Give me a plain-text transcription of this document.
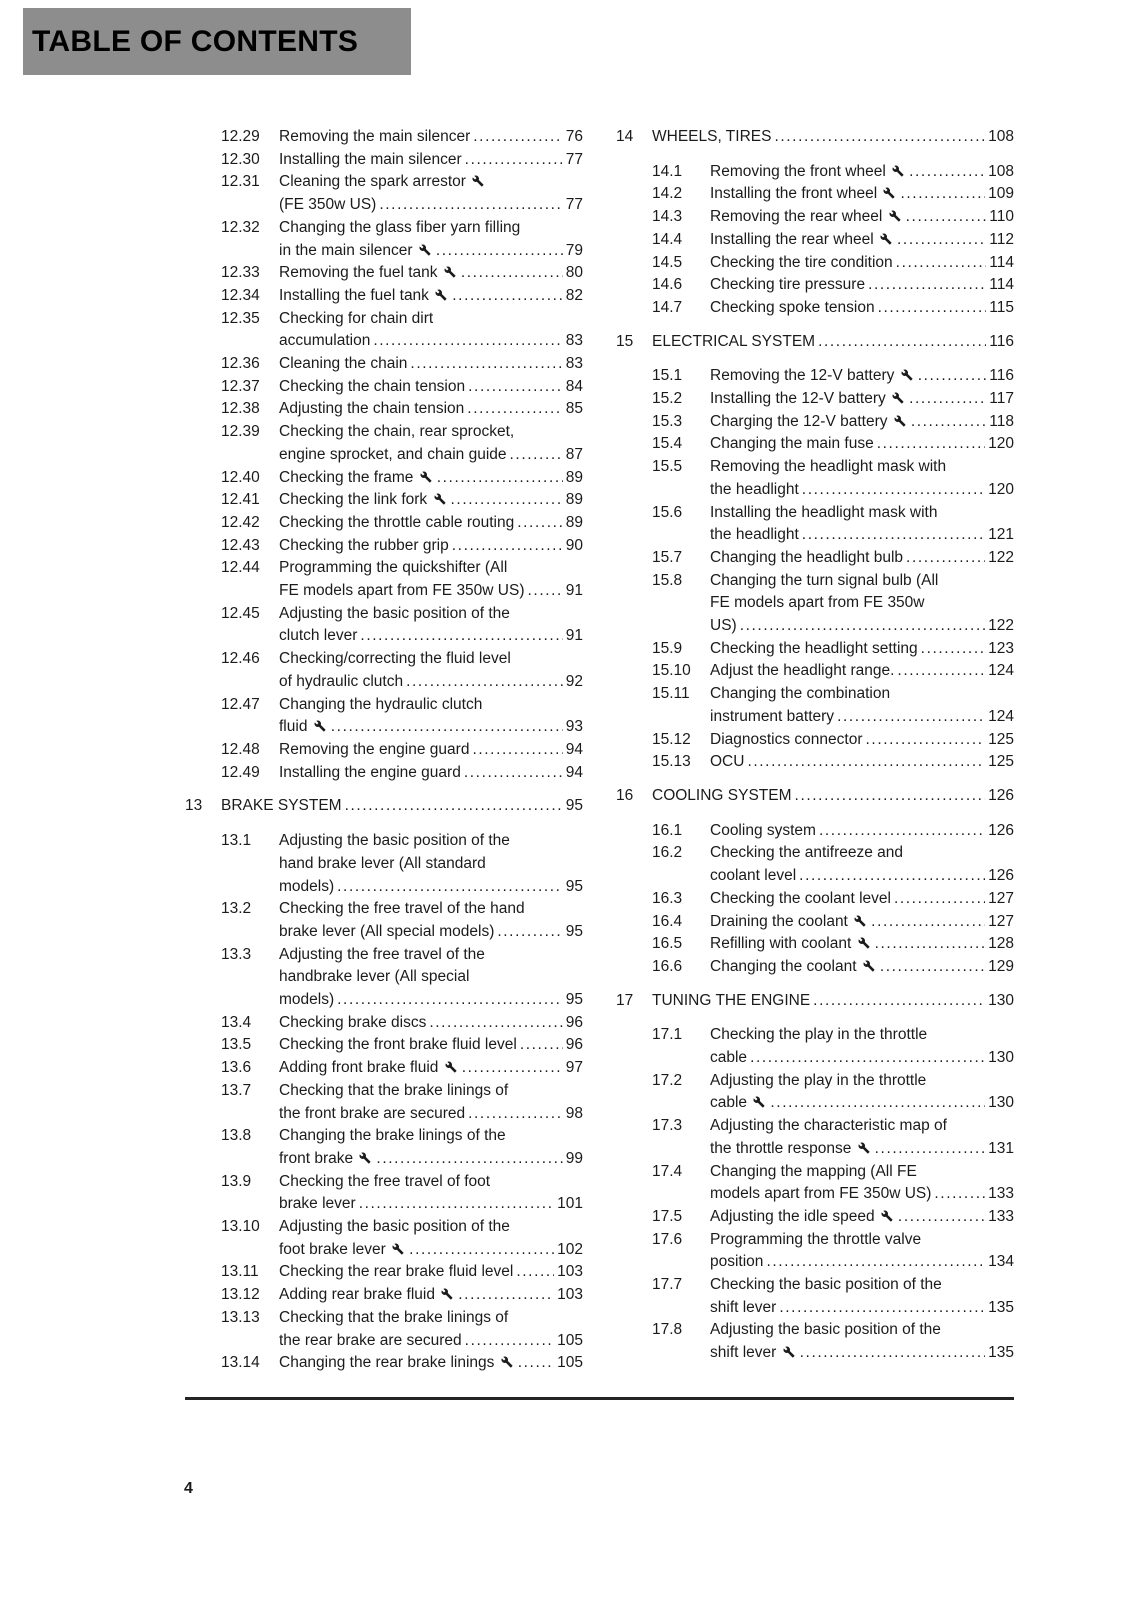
TABLE OF CONTENTS
12.29	Removing the main silencer .....	76
12.30	Installing the main silencer .....	77
12.31	Cleaning the spark arrestor
(FE 350w US) .....	77
12.32	Changing the glass fiber yarn filling
in the main silencer .....	79
12.33	Removing the fuel tank .....	80
12.34	Installing the fuel tank .....	82
12.35	Checking for chain dirt
accumulation .....	83
12.36	Cleaning the chain .....	83
12.37	Checking the chain tension .....	84
12.38	Adjusting the chain tension .....	85
12.39	Checking the chain, rear sprocket,
engine sprocket, and chain guide .....	87
12.40	Checking the frame .....	89
12.41	Checking the link fork .....	89
12.42	Checking the throttle cable routing .....	89
12.43	Checking the rubber grip .....	90
12.44	Programming the quickshifter (All
FE models apart from FE 350w US) .....	91
12.45	Adjusting the basic position of the
clutch lever .....	91
12.46	Checking/correcting the fluid level
of hydraulic clutch .....	92
12.47	Changing the hydraulic clutch
fluid .....	93
12.48	Removing the engine guard .....	94
12.49	Installing the engine guard .....	94
13	BRAKE SYSTEM .....	95
13.1	Adjusting the basic position of the
hand brake lever (All standard
models) .....	95
13.2	Checking the free travel of the hand
brake lever (All special models) .....	95
13.3	Adjusting the free travel of the
handbrake lever (All special
models) .....	95
13.4	Checking brake discs .....	96
13.5	Checking the front brake fluid level .....	96
13.6	Adding front brake fluid .....	97
13.7	Checking that the brake linings of
the front brake are secured .....	98
13.8	Changing the brake linings of the
front brake .....	99
13.9	Checking the free travel of foot
brake lever .....	101
13.10	Adjusting the basic position of the
foot brake lever .....	102
13.11	Checking the rear brake fluid level .....	103
13.12	Adding rear brake fluid .....	103
13.13	Checking that the brake linings of
the rear brake are secured .....	105
13.14	Changing the rear brake linings .....	105
14	WHEELS, TIRES .....	108
14.1	Removing the front wheel .....	108
14.2	Installing the front wheel .....	109
14.3	Removing the rear wheel .....	110
14.4	Installing the rear wheel .....	112
14.5	Checking the tire condition .....	114
14.6	Checking tire pressure .....	114
14.7	Checking spoke tension .....	115
15	ELECTRICAL SYSTEM .....	116
15.1	Removing the 12-V battery .....	116
15.2	Installing the 12-V battery .....	117
15.3	Charging the 12-V battery .....	118
15.4	Changing the main fuse .....	120
15.5	Removing the headlight mask with
the headlight .....	120
15.6	Installing the headlight mask with
the headlight .....	121
15.7	Changing the headlight bulb .....	122
15.8	Changing the turn signal bulb (All
FE models apart from FE 350w
US) .....	122
15.9	Checking the headlight setting .....	123
15.10	Adjust the headlight range. .....	124
15.11	Changing the combination
instrument battery .....	124
15.12	Diagnostics connector .....	125
15.13	OCU .....	125
16	COOLING SYSTEM .....	126
16.1	Cooling system .....	126
16.2	Checking the antifreeze and
coolant level .....	126
16.3	Checking the coolant level .....	127
16.4	Draining the coolant .....	127
16.5	Refilling with coolant .....	128
16.6	Changing the coolant .....	129
17	TUNING THE ENGINE .....	130
17.1	Checking the play in the throttle
cable .....	130
17.2	Adjusting the play in the throttle
cable .....	130
17.3	Adjusting the characteristic map of
the throttle response .....	131
17.4	Changing the mapping (All FE
models apart from FE 350w US) .....	133
17.5	Adjusting the idle speed .....	133
17.6	Programming the throttle valve
position .....	134
17.7	Checking the basic position of the
shift lever .....	135
17.8	Adjusting the basic position of the
shift lever .....	135
4
